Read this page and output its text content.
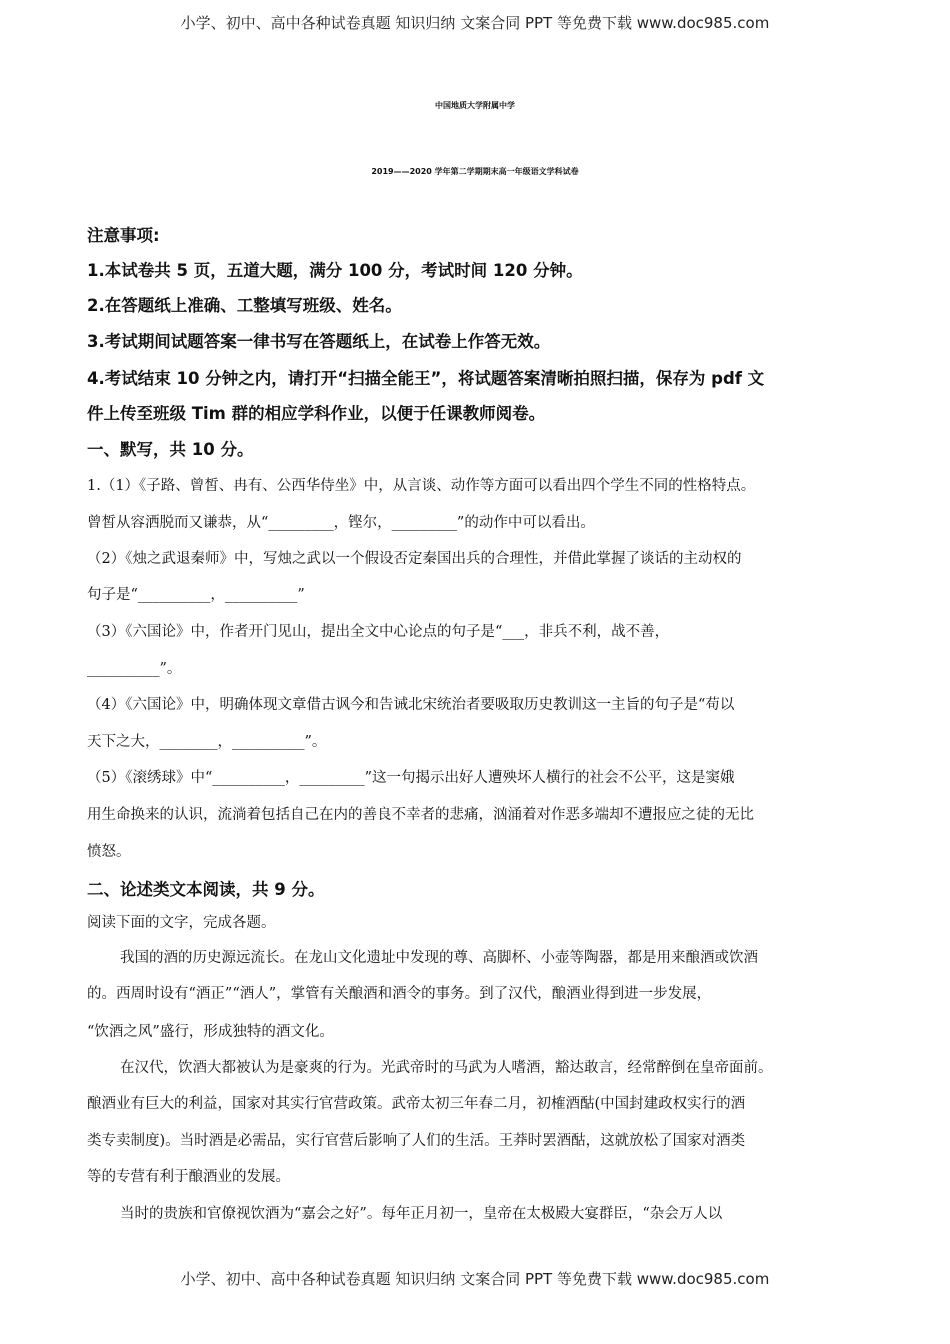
小学、初中、高中各种试卷真题 知识归纳 文案合同 PPT 等免费下载 www.doc985.com
中国地质大学附属中学
2019——2020 学年第二学期期末高一年级语文学科试卷
注意事项:
1.本试卷共 5 页，五道大题，满分 100 分，考试时间 120 分钟。
2.在答题纸上准确、工整填写班级、姓名。
3.考试期间试题答案一律书写在答题纸上，在试卷上作答无效。
4.考试结束 10 分钟之内，请打开“扫描全能王”，将试题答案清晰拍照扫描，保存为 pdf 文
件上传至班级 Tim 群的相应学科作业，以便于任课教师阅卷。
一、默写，共 10 分。
1.（1）《子路、曾皙、冉有、公西华侍坐》中，从言谈、动作等方面可以看出四个学生不同的性格特点。
曾皙从容洒脱而又谦恭，从“_________，铿尔，_________”的动作中可以看出。
（2）《烛之武退秦师》中，写烛之武以一个假设否定秦国出兵的合理性，并借此掌握了谈话的主动权的
句子是“__________，__________”
（3）《六国论》中，作者开门见山，提出全文中心论点的句子是“___，非兵不利，战不善，
__________”。
（4）《六国论》中，明确体现文章借古讽今和告诫北宋统治者要吸取历史教训这一主旨的句子是“苟以
天下之大，________，__________”。
（5）《滚绣球》中“__________，_________”这一句揭示出好人遭殃坏人横行的社会不公平，这是窦娥
用生命换来的认识，流淌着包括自己在内的善良不幸者的悲痛，汹涌着对作恶多端却不遭报应之徒的无比
愤怒。
二、论述类文本阅读，共 9 分。
阅读下面的文字，完成各题。
我国的酒的历史源远流长。在龙山文化遗址中发现的尊、高脚杯、小壶等陶器，都是用来酿酒或饮酒
的。西周时设有“酒正”“酒人”，掌管有关酿酒和酒令的事务。到了汉代，酿酒业得到进一步发展，
“饮酒之风”盛行，形成独特的酒文化。
在汉代，饮酒大都被认为是豪爽的行为。光武帝时的马武为人嗜酒，豁达敢言，经常醉倒在皇帝面前。
酿酒业有巨大的利益，国家对其实行官营政策。武帝太初三年春二月，初榷酒酤(中国封建政权实行的酒
类专卖制度)。当时酒是必需品，实行官营后影响了人们的生活。王莽时罢酒酤，这就放松了国家对酒类
等的专营有利于酿酒业的发展。
当时的贵族和官僚视饮酒为“嘉会之好”。每年正月初一，皇帝在太极殿大宴群臣，“杂会万人以
小学、初中、高中各种试卷真题 知识归纳 文案合同 PPT 等免费下载 www.doc985.com
